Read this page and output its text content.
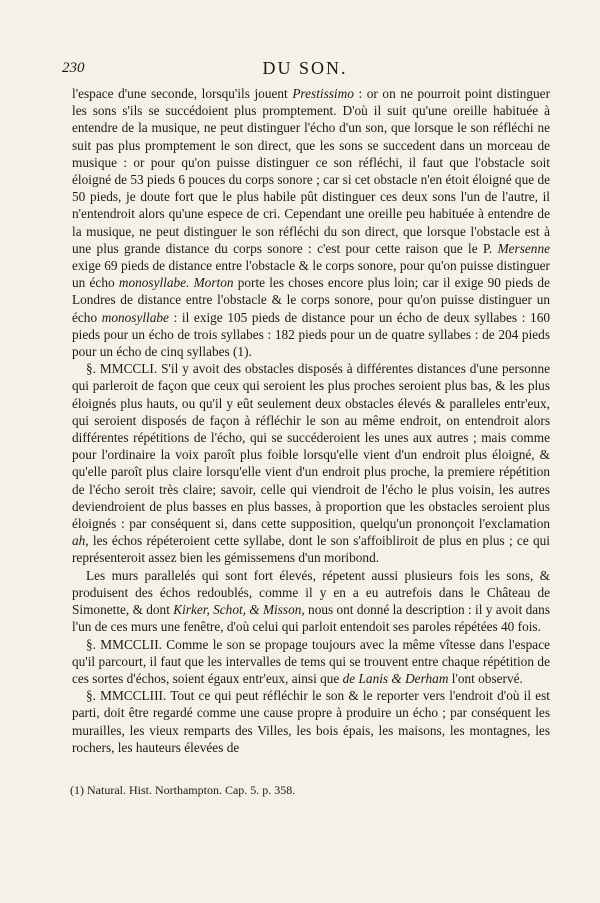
230	DU SON.

l'espace d'une seconde, lorsqu'ils jouent Prestissimo : or on ne pourroit point distinguer les sons s'ils se succédoient plus promptement. D'où il suit qu'une oreille habituée à entendre de la musique, ne peut distinguer l'écho d'un son, que lorsque le son réfléchi ne suit pas plus promptement le son direct, que les sons se succedent dans un morceau de musique : or pour qu'on puisse distinguer ce son réfléchi, il faut que l'obstacle soit éloigné de 53 pieds 6 pouces du corps sonore ; car si cet obstacle n'en étoit éloigné que de 50 pieds, je doute fort que le plus habile pût distinguer ces deux sons l'un de l'autre, il n'entendroit alors qu'une espece de cri. Cependant une oreille peu habituée à entendre de la musique, ne peut distinguer le son réfléchi du son direct, que lorsque l'obstacle est à une plus grande distance du corps sonore : c'est pour cette raison que le P. Mersenne exige 69 pieds de distance entre l'obstacle & le corps sonore, pour qu'on puisse distinguer un écho monosyllabe. Morton porte les choses encore plus loin; car il exige 90 pieds de Londres de distance entre l'obstacle & le corps sonore, pour qu'on puisse distinguer un écho monosyllabe : il exige 105 pieds de distance pour un écho de deux syllabes : 160 pieds pour un écho de trois syllabes : 182 pieds pour un de quatre syllabes : de 204 pieds pour un écho de cinq syllabes (1).

§. MMCCLI. S'il y avoit des obstacles disposés à différentes distances d'une personne qui parleroit de façon que ceux qui seroient les plus proches seroient plus bas, & les plus éloignés plus hauts, ou qu'il y eût seulement deux obstacles élevés & paralleles entr'eux, qui seroient disposés de façon à réfléchir le son au même endroit, on entendroit alors différentes répétitions de l'écho, qui se succéderoient les unes aux autres ; mais comme pour l'ordinaire la voix paroît plus foible lorsqu'elle vient d'un endroit plus éloigné, & qu'elle paroît plus claire lorsqu'elle vient d'un endroit plus proche, la premiere répétition de l'écho seroit très claire; savoir, celle qui viendroit de l'écho le plus voisin, les autres deviendroient de plus basses en plus basses, à proportion que les obstacles seroient plus éloignés : par conséquent si, dans cette supposition, quelqu'un prononçoit l'exclamation ah, les échos répéteroient cette syllabe, dont le son s'affoibliroit de plus en plus ; ce qui représenteroit assez bien les gémissemens d'un moribond.

Les murs parallelés qui sont fort élevés, répetent aussi plusieurs fois les sons, & produisent des échos redoublés, comme il y en a eu autrefois dans le Château de Simonette, & dont Kirker, Schot, & Misson, nous ont donné la description : il y avoit dans l'un de ces murs une fenêtre, d'où celui qui parloit entendoit ses paroles répétées 40 fois.

§. MMCCLII. Comme le son se propage toujours avec la même vîtesse dans l'espace qu'il parcourt, il faut que les intervalles de tems qui se trouvent entre chaque répétition de ces sortes d'échos, soient égaux entr'eux, ainsi que de Lanis & Derham l'ont observé.

§. MMCCLIII. Tout ce qui peut réfléchir le son & le reporter vers l'endroit d'où il est parti, doit être regardé comme une cause propre à produire un écho ; par conséquent les murailles, les vieux remparts des Villes, les bois épais, les maisons, les montagnes, les rochers, les hauteurs élevées de

(1) Natural. Hist. Northampton. Cap. 5. p. 358.
